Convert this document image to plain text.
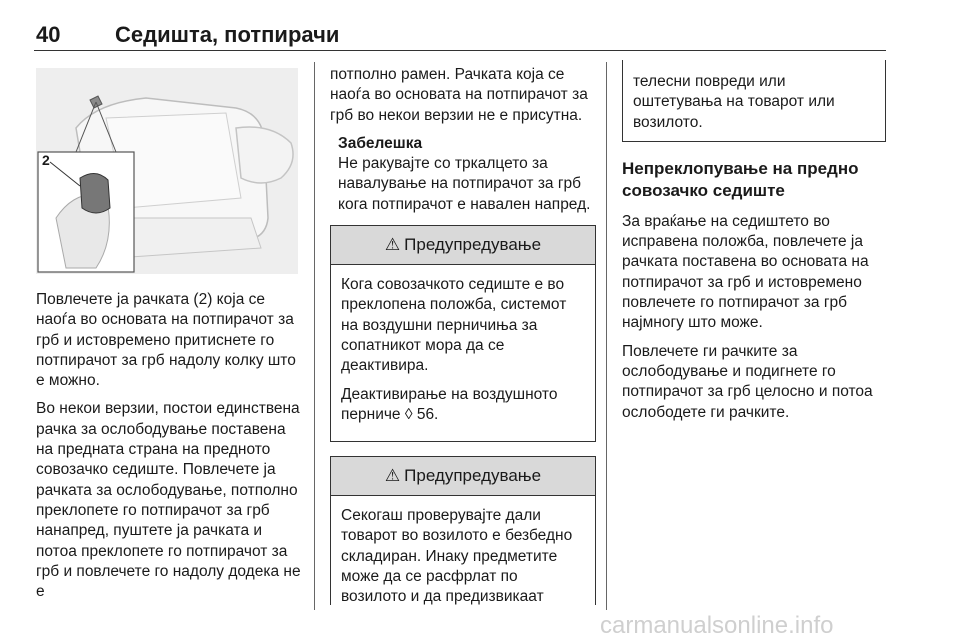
40 Седишта, потпирачи
2

Повлечете ја рачката (2) која се наоѓа во основата на потпирачот за грб и истовремено притиснете го потпирачот за грб надолу колку што е можно.

Во некои верзии, постои единствена рачка за ослободување поставена на предната страна на предното совозачко седиште. Повлечете ја рачката за ослободување, потполно преклопете го потпирачот за грб нанапред, пуштете ја рачката и потоа преклопете го потпирачот за грб и повлечете го надолу додека не е

потполно рамен. Рачката која се наоѓа во основата на потпирачот за грб во некои верзии не е присутна.

Забелешка
Не ракувајте со тркалцето за навалување на потпирачот за грб кога потпирачот е навален напред.
⚠ Предупредување

Кога совозачкото седиште е во преклопена положба, системот на воздушни перничиња за сопатникот мора да се деактивира.

Деактивирање на воздушното перниче ◊ 56.

⚠ Предупредување

Секогаш проверувајте дали товарот во возилото е безбедно складиран. Инаку предметите може да се расфрлат по возилото и да предизвикаат

телесни повреди или оштетувања на товарот или возилото.
Непреклопување на предно совозачко седиште

За враќање на седиштето во исправена положба, повлечете ја рачката поставена во основата на потпирачот за грб и истовремено повлечете го потпирачот за грб најмногу што може.

Повлечете ги рачките за ослободување и подигнете го потпирачот за грб целосно и потоа ослободете ги рачките.

carmanualsonline.info
